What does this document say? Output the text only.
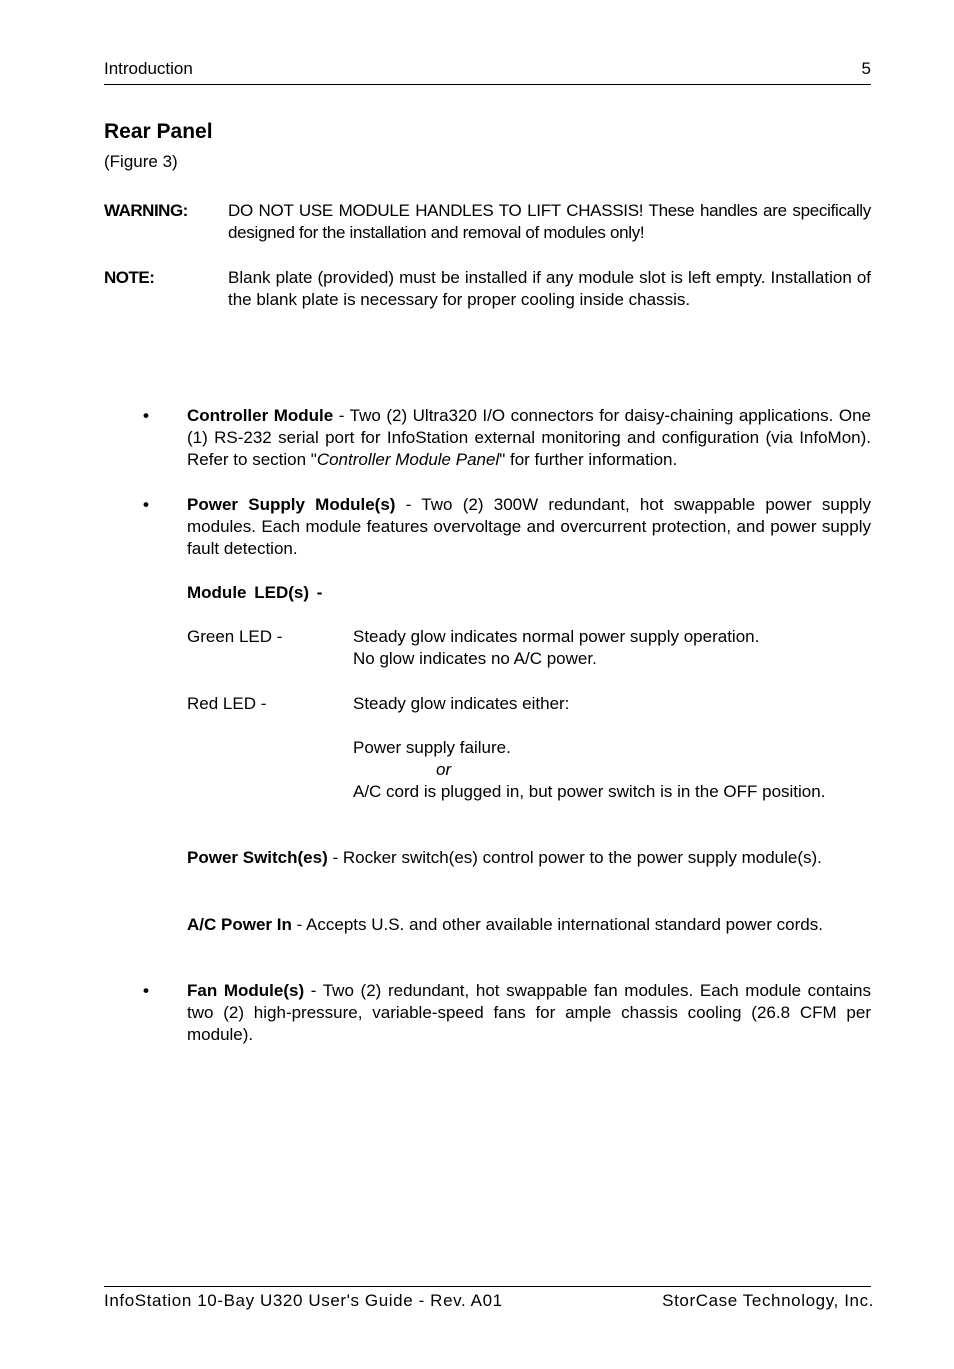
Introduction	5
Rear Panel
(Figure 3)
WARNING: DO NOT USE MODULE HANDLES TO LIFT CHASSIS! These handles are specifically designed for the installation and removal of modules only!
NOTE:	Blank plate (provided) must be installed if any module slot is left empty. Installation of the blank plate is necessary for proper cooling inside chassis.
• Controller Module - Two (2) Ultra320 I/O connectors for daisy-chaining applications. One (1) RS-232 serial port for InfoStation external monitoring and configuration (via InfoMon). Refer to section "Controller Module Panel" for further information.
• Power Supply Module(s) - Two (2) 300W redundant, hot swappable power supply modules. Each module features overvoltage and overcurrent protection, and power supply fault detection.
Module LED(s) -
Green LED -	Steady glow indicates normal power supply operation.
No glow indicates no A/C power.
Red LED -	Steady glow indicates either:
Power supply failure.
or
A/C cord is plugged in, but power switch is in the OFF position.
Power Switch(es) - Rocker switch(es) control power to the power supply module(s).
A/C Power In - Accepts U.S. and other available international standard power cords.
• Fan Module(s) - Two (2) redundant, hot swappable fan modules. Each module contains two (2) high-pressure, variable-speed fans for ample chassis cooling (26.8 CFM per module).
InfoStation 10-Bay U320 User's Guide - Rev. A01	StorCase Technology, Inc.
